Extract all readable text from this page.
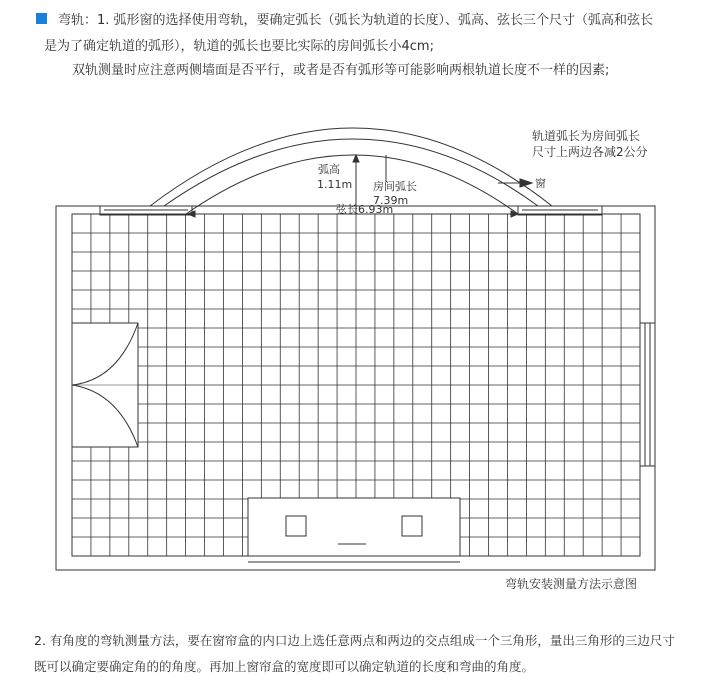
弯轨：1. 弧形窗的选择使用弯轨，要确定弧长（弧长为轨道的长度）、弧高、弦长三个尺寸（弧高和弦长是为了确定轨道的弧形），轨道的弧长也要比实际的房间弧长小4cm;

双轨测量时应注意两侧墙面是否平行，或者是否有弧形等可能影响两根轨道长度不一样的因素;

弧高
1.11m 房间弧长
7.39m
弦长6.93m
窗
轨道弧长为房间弧长
尺寸上两边各减2公分
弯轨安装测量方法示意图

2. 有角度的弯轨测量方法，要在窗帘盒的内口边上选任意两点和两边的交点组成一个三角形，量出三角形的三边尺寸既可以确定要确定角的的角度。再加上窗帘盒的宽度即可以确定轨道的长度和弯曲的角度。
